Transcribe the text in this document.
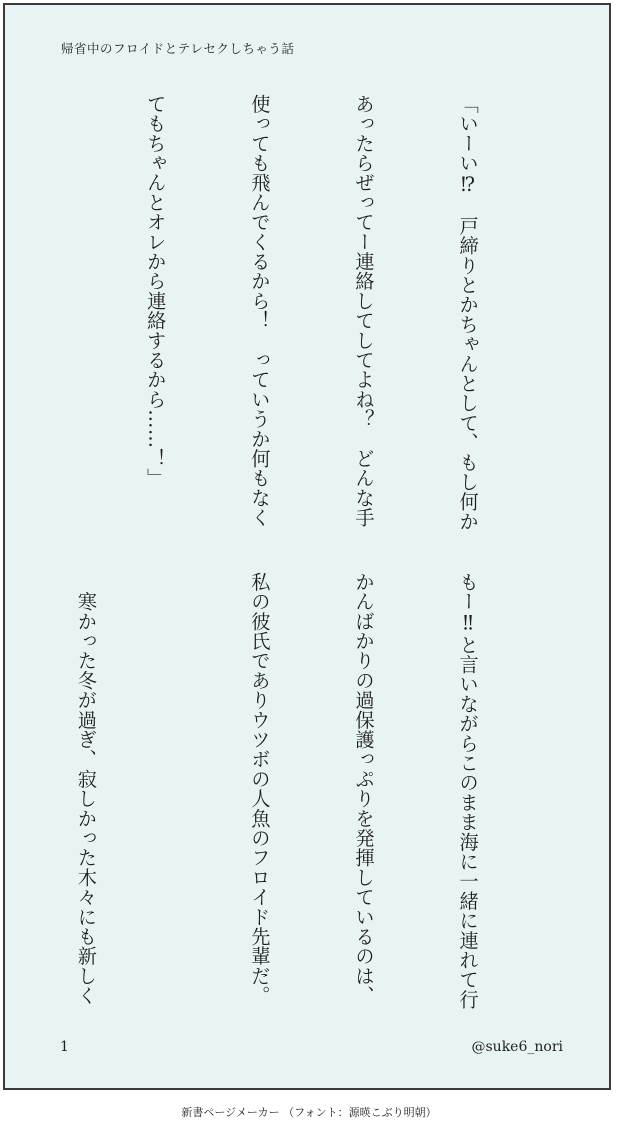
帰省中のフロイドとテレセクしちゃう話

「いーい⁉　戸締りとかちゃんとして、もし何か

あったらぜってー連絡してしてよね？　どんな手

使っても飛んでくるから！　っていうか何もなく

てもちゃんとオレから連絡するから……！」

もー‼と言いながらこのまま海に一緒に連れて行

かんばかりの過保護っぷりを発揮しているのは、

私の彼氏でありウツボの人魚のフロイド先輩だ。

　寒かった冬が過ぎ、寂しかった木々にも新しく

1	@suke6_nori
新書ページメーカー （フォント：源暎こぶり明朝）
